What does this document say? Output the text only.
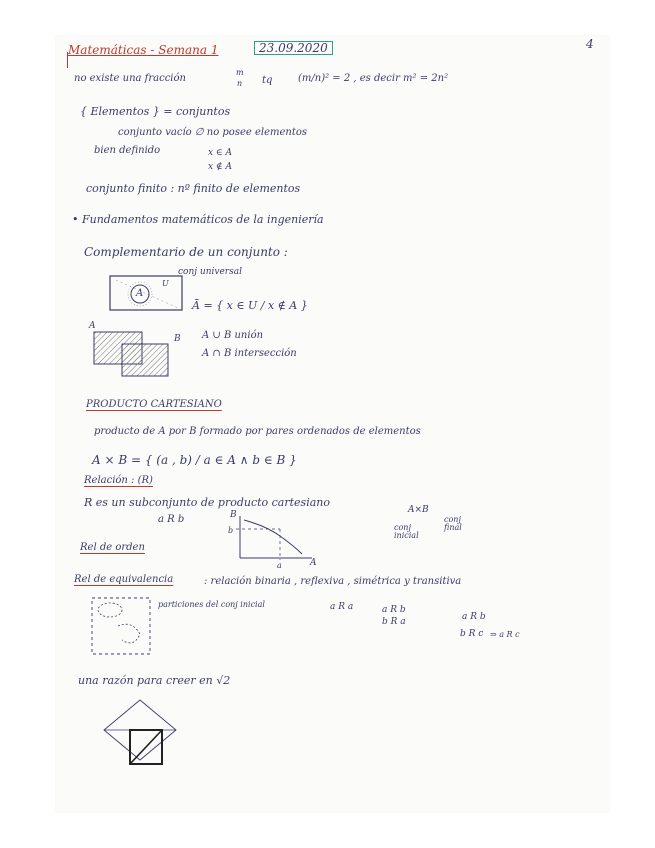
Matemáticas - Semana 1	23.09.2020	4
no existe una fracción
m
n tq	(m/n)² = 2 , es decir m² = 2n²
{ Elementos } = conjuntos
conjunto vacío ∅ no posee elementos
bien definido	x ∈ A
x ∉ A
conjunto finito : nº finito de elementos
• Fundamentos matemáticos de la ingeniería
Complementario de un conjunto :
A
U
conj universal
Ā = { x ∈ U / x ∉ A }
A
B A ∪ B unión
A ∩ B intersección
PRODUCTO CARTESIANO
producto de A por B formado por pares ordenados de elementos
A × B = { (a , b) / a ∈ A ∧ b ∈ B }
Relación : (R)
R es un subconjunto de producto cartesiano
a R b	B
b
a	A
A×B
conj inicial
conj final
Rel de orden
Rel de equivalencia	: relación binaria , reflexiva , simétrica y transitiva
particiones del conj inicial	a R a	a R b
b R a	a R b
b R c ⇒ a R c
una razón para creer en √2
